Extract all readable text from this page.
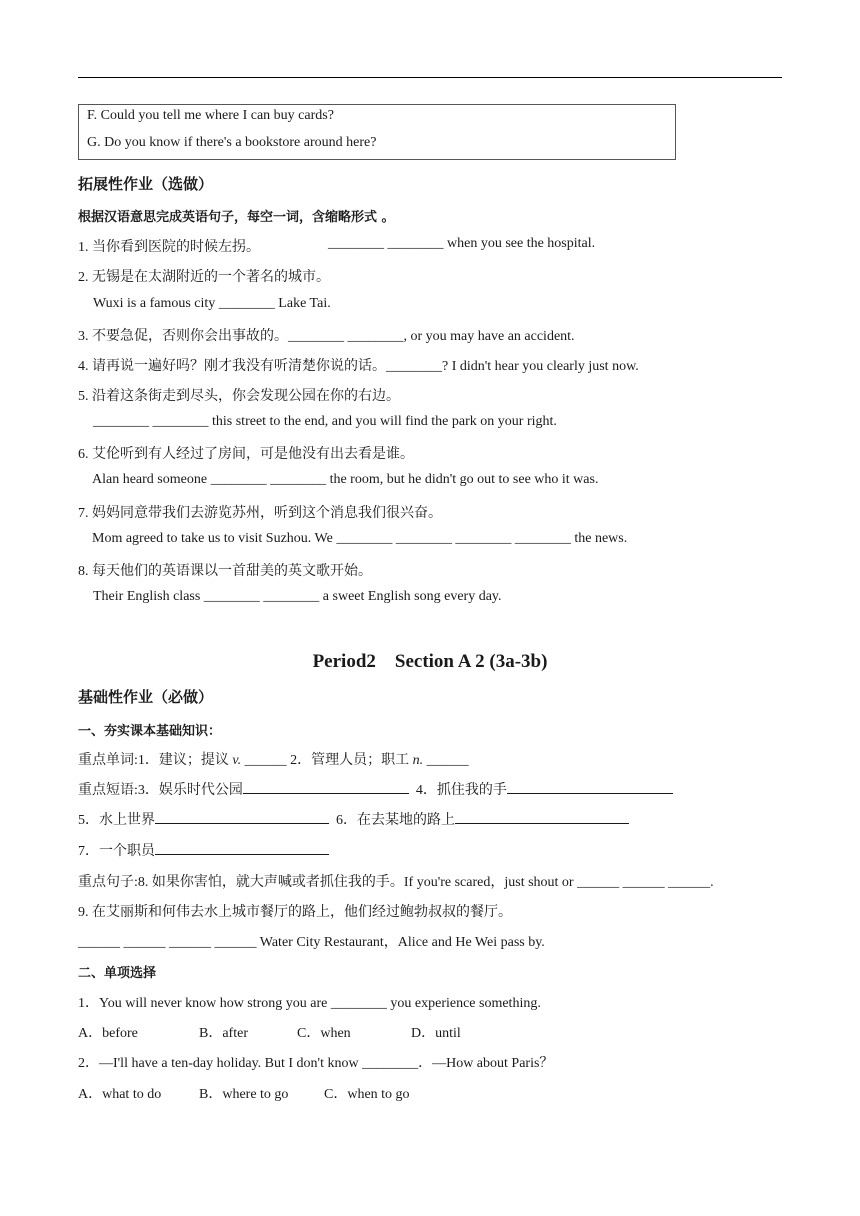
F. Could you tell me where I can buy cards?
G. Do you know if there's a bookstore around here?
拓展性作业（选做）
根据汉语意思完成英语句子，每空一词，含缩略形式 。
1. 当你看到医院的时候左拐。	________ ________ when you see the hospital.
2. 无锡是在太湖附近的一个著名的城市。
Wuxi is a famous city ________ Lake Tai.
3. 不要急促，否则你会出事故的。________ ________, or you may have an accident.
4. 请再说一遍好吗？刚才我没有听清楚你说的话。________? I didn't hear you clearly just now.
5. 沿着这条街走到尽头，你会发现公园在你的右边。
________ ________ this street to the end, and you will find the park on your right.
6. 艾伦听到有人经过了房间，可是他没有出去看是谁。
Alan heard someone ________ ________ the room, but he didn't go out to see who it was.
7. 妈妈同意带我们去游览苏州，听到这个消息我们很兴奋。
Mom agreed to take us to visit Suzhou. We ________ ________ ________ ________ the news.
8. 每天他们的英语课以一首甜美的英文歌开始。
Their English class ________ ________ a sweet English song every day.
Period2    Section A 2 (3a-3b)
基础性作业（必做）
一、夯实课本基础知识：
重点单词:1．建议；提议 v. ______ 2．管理人员；职工 n. ______
重点短语:3．娱乐时代公园	4．抓住我的手
5．水上世界	6．在去某地的路上
7．一个职员
重点句子:8. 如果你害怕，就大声喊或者抓住我的手。If you're scared，just shout or ______ ______ ______.
9. 在艾丽斯和何伟去水上城市餐厅的路上，他们经过鲍勃叔叔的餐厅。
______ ______ ______ ______ Water City Restaurant，Alice and He Wei pass by.
二、单项选择
1．You will never know how strong you are ________ you experience something.
A．before	B．after	C．when	D．until
2．—I'll have a ten-day holiday. But I don't know ________．—How about Paris？
A．what to do	B．where to go	C．when to go
